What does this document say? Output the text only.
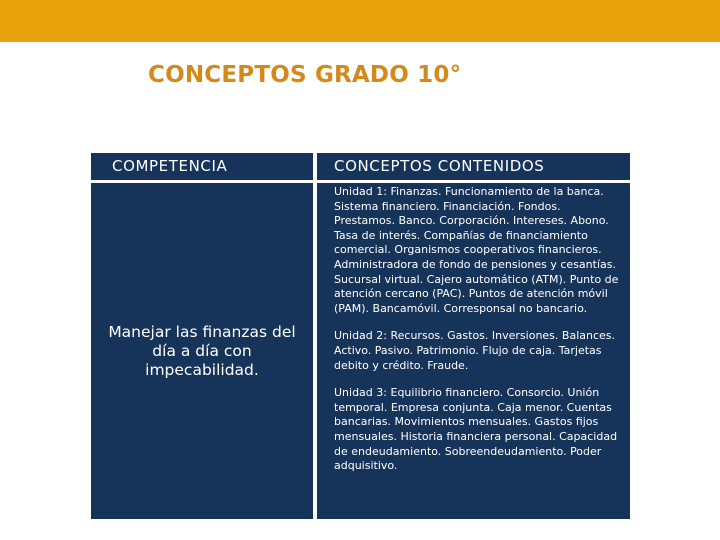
CONCEPTOS GRADO 10°
COMPETENCIA	CONCEPTOS CONTENIDOS
Manejar las finanzas del día a día con impecabilidad.

Unidad 1: Finanzas. Funcionamiento de la banca. Sistema financiero. Financiación. Fondos. Prestamos. Banco. Corporación. Intereses. Abono. Tasa de interés. Compañías de financiamiento comercial. Organismos cooperativos financieros. Administradora de fondo de pensiones y cesantías. Sucursal virtual. Cajero automático (ATM). Punto de atención cercano (PAC). Puntos de atención móvil (PAM). Bancamóvil. Corresponsal no bancario.

Unidad 2: Recursos. Gastos. Inversiones. Balances. Activo. Pasivo. Patrimonio. Flujo de caja. Tarjetas debito y crédito. Fraude.

Unidad 3: Equilibrio financiero. Consorcio. Unión temporal. Empresa conjunta. Caja menor. Cuentas bancarias. Movimientos mensuales. Gastos fijos mensuales. Historia financiera personal. Capacidad de endeudamiento. Sobreendeudamiento. Poder adquisitivo.
